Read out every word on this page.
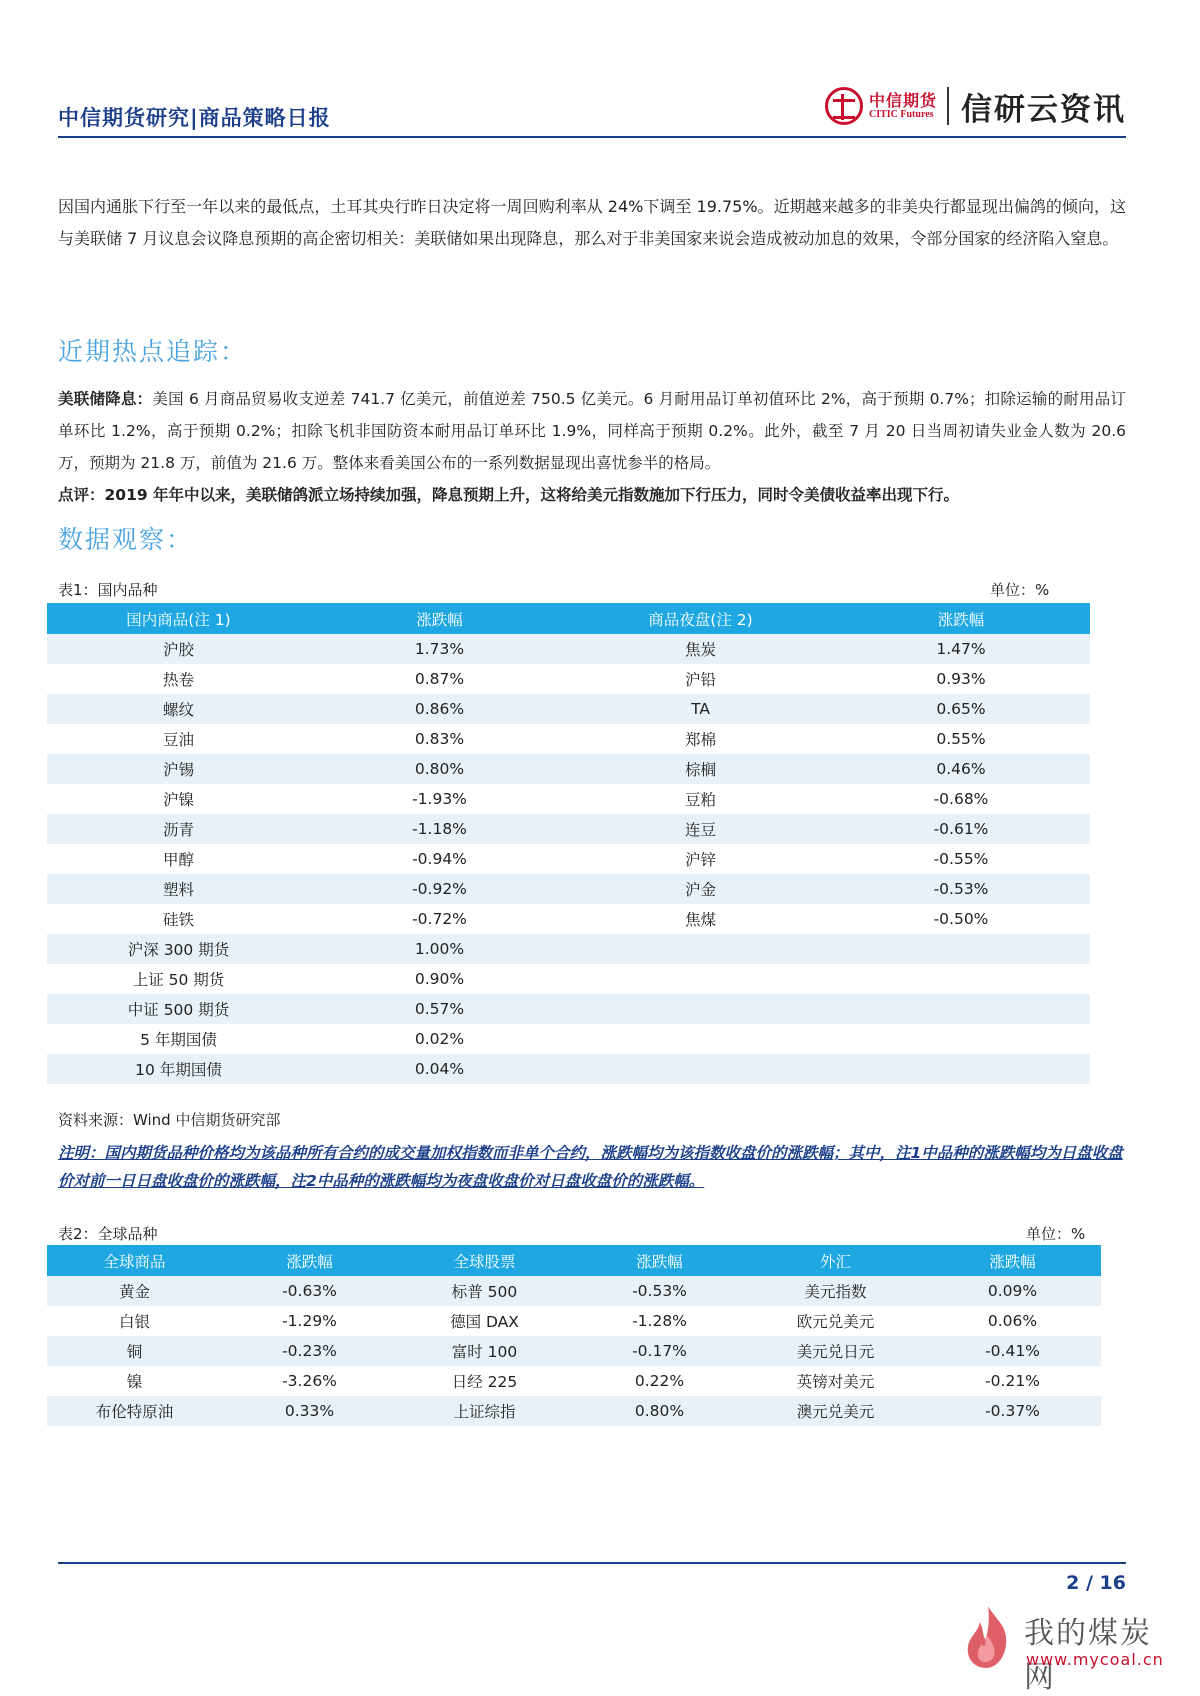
中信期货研究|商品策略日报
中信期货
CITIC Futures 信研云资讯
因国内通胀下行至一年以来的最低点，土耳其央行昨日决定将一周回购利率从 24%下调至 19.75%。近期越来越多的非美央行都显现出偏鸽的倾向，这与美联储 7 月议息会议降息预期的高企密切相关：美联储如果出现降息，那么对于非美国家来说会造成被动加息的效果，令部分国家的经济陷入窒息。
近期热点追踪：
美联储降息：美国 6 月商品贸易收支逆差 741.7 亿美元，前值逆差 750.5 亿美元。6 月耐用品订单初值环比 2%，高于预期 0.7%；扣除运输的耐用品订单环比 1.2%，高于预期 0.2%；扣除飞机非国防资本耐用品订单环比 1.9%，同样高于预期 0.2%。此外，截至 7 月 20 日当周初请失业金人数为 20.6 万，预期为 21.8 万，前值为 21.6 万。整体来看美国公布的一系列数据显现出喜忧参半的格局。
点评：2019 年年中以来，美联储鸽派立场持续加强，降息预期上升，这将给美元指数施加下行压力，同时令美债收益率出现下行。
数据观察：
表1：国内品种	单位：%
国内商品(注 1)	涨跌幅	商品夜盘(注 2)	涨跌幅
沪胶	1.73%	焦炭	1.47%
热卷	0.87%	沪铅	0.93%
螺纹	0.86%	TA	0.65%
豆油	0.83%	郑棉	0.55%
沪锡	0.80%	棕榈	0.46%
沪镍	-1.93%	豆粕	-0.68%
沥青	-1.18%	连豆	-0.61%
甲醇	-0.94%	沪锌	-0.55%
塑料	-0.92%	沪金	-0.53%
硅铁	-0.72%	焦煤	-0.50%
沪深 300 期货	1.00%		
上证 50 期货	0.90%		
中证 500 期货	0.57%		
5 年期国债	0.02%		
10 年期国债	0.04%		
资料来源：Wind 中信期货研究部
注明：国内期货品种价格均为该品种所有合约的成交量加权指数而非单个合约，涨跌幅均为该指数收盘价的涨跌幅；其中，注1中品种的涨跌幅均为日盘收盘价对前一日日盘收盘价的涨跌幅，注2中品种的涨跌幅均为夜盘收盘价对日盘收盘价的涨跌幅。
表2：全球品种	单位：%
全球商品	涨跌幅	全球股票	涨跌幅	外汇	涨跌幅
黄金	-0.63%	标普 500	-0.53%	美元指数	0.09%
白银	-1.29%	德国 DAX	-1.28%	欧元兑美元	0.06%
铜	-0.23%	富时 100	-0.17%	美元兑日元	-0.41%
镍	-3.26%	日经 225	0.22%	英镑对美元	-0.21%
布伦特原油	0.33%	上证综指	0.80%	澳元兑美元	-0.37%
2 / 16
我的煤炭网
www.mycoal.cn
